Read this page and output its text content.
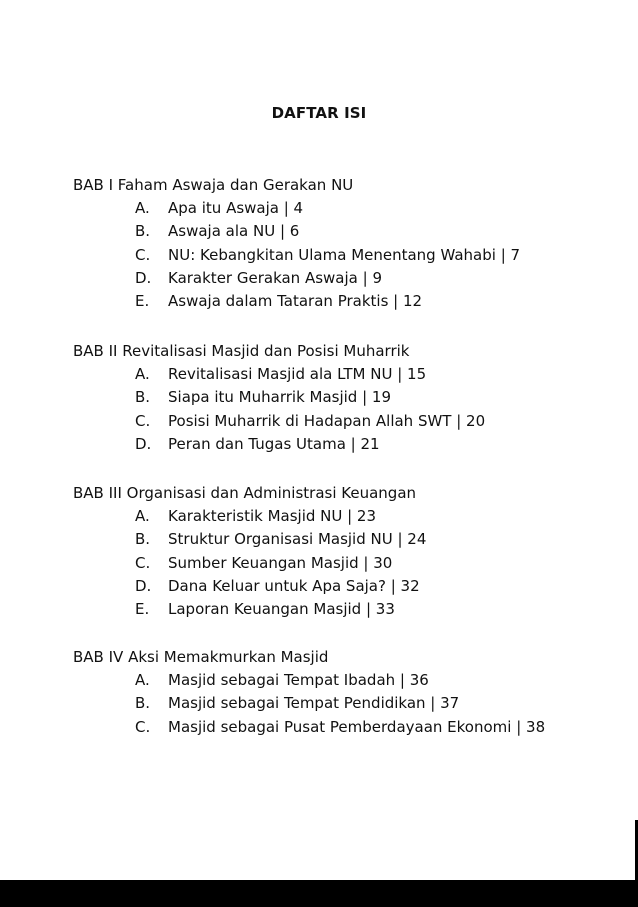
DAFTAR ISI
BAB I Faham Aswaja dan Gerakan NU
A. Apa itu Aswaja | 4
B. Aswaja ala NU | 6
C. NU: Kebangkitan Ulama Menentang Wahabi | 7
D. Karakter Gerakan Aswaja | 9
E. Aswaja dalam Tataran Praktis | 12
BAB II Revitalisasi Masjid dan Posisi Muharrik
A. Revitalisasi Masjid ala LTM NU | 15
B. Siapa itu Muharrik Masjid | 19
C. Posisi Muharrik di Hadapan Allah SWT | 20
D. Peran dan Tugas Utama | 21
BAB III Organisasi dan Administrasi Keuangan
A. Karakteristik Masjid NU | 23
B. Struktur Organisasi Masjid NU | 24
C. Sumber Keuangan Masjid | 30
D. Dana Keluar untuk Apa Saja? | 32
E. Laporan Keuangan Masjid | 33
BAB IV Aksi Memakmurkan Masjid
A. Masjid sebagai Tempat Ibadah | 36
B. Masjid sebagai Tempat Pendidikan | 37
C. Masjid sebagai Pusat Pemberdayaan Ekonomi | 38
